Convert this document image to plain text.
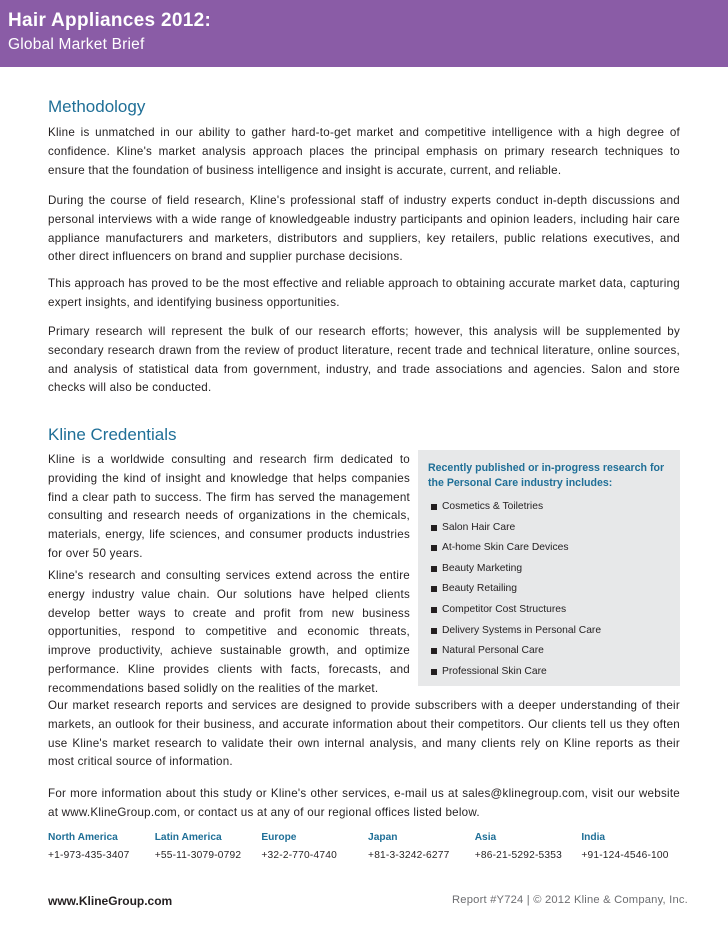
Hair Appliances 2012:
Global Market Brief
Methodology

Kline is unmatched in our ability to gather hard-to-get market and competitive intelligence with a high degree of confidence. Kline's market analysis approach places the principal emphasis on primary research techniques to ensure that the foundation of business intelligence and insight is accurate, current, and reliable.

During the course of field research, Kline's professional staff of industry experts conduct in-depth discussions and personal interviews with a wide range of knowledgeable industry participants and opinion leaders, including hair care appliance manufacturers and marketers, distributors and suppliers, key retailers, public relations executives, and other direct influencers on brand and supplier purchase decisions.

This approach has proved to be the most effective and reliable approach to obtaining accurate market data, capturing expert insights, and identifying business opportunities.

Primary research will represent the bulk of our research efforts; however, this analysis will be supplemented by secondary research drawn from the review of product literature, recent trade and technical literature, online sources, and analysis of statistical data from government, industry, and trade associations and agencies. Salon and store checks will also be conducted.

Kline Credentials

Kline is a worldwide consulting and research firm dedicated to providing the kind of insight and knowledge that helps companies find a clear path to success. The firm has served the management consulting and research needs of organizations in the chemicals, materials, energy, life sciences, and consumer products industries for over 50 years.

Kline's research and consulting services extend across the entire energy industry value chain. Our solutions have helped clients develop better ways to create and profit from new business opportunities, respond to competitive and economic threats, improve productivity, achieve sustainable growth, and optimize performance. Kline provides clients with facts, forecasts, and recommendations based solidly on the realities of the market.

Recently published or in-progress research for the Personal Care industry includes:
Cosmetics & Toiletries
Salon Hair Care
At-home Skin Care Devices
Beauty Marketing
Beauty Retailing
Competitor Cost Structures
Delivery Systems in Personal Care
Natural Personal Care
Professional Skin Care

Our market research reports and services are designed to provide subscribers with a deeper understanding of their markets, an outlook for their business, and accurate information about their competitors. Our clients tell us they often use Kline's market research to validate their own internal analysis, and many clients rely on Kline reports as their most critical source of information.

For more information about this study or Kline's other services, e-mail us at sales@klinegroup.com, visit our website at www.KlineGroup.com, or contact us at any of our regional offices listed below.

North America	Latin America	Europe	Japan	Asia	India
+1-973-435-3407	+55-11-3079-0792	+32-2-770-4740	+81-3-3242-6277	+86-21-5292-5353	+91-124-4546-100
www.KlineGroup.com	Report #Y724 | © 2012 Kline & Company, Inc.
